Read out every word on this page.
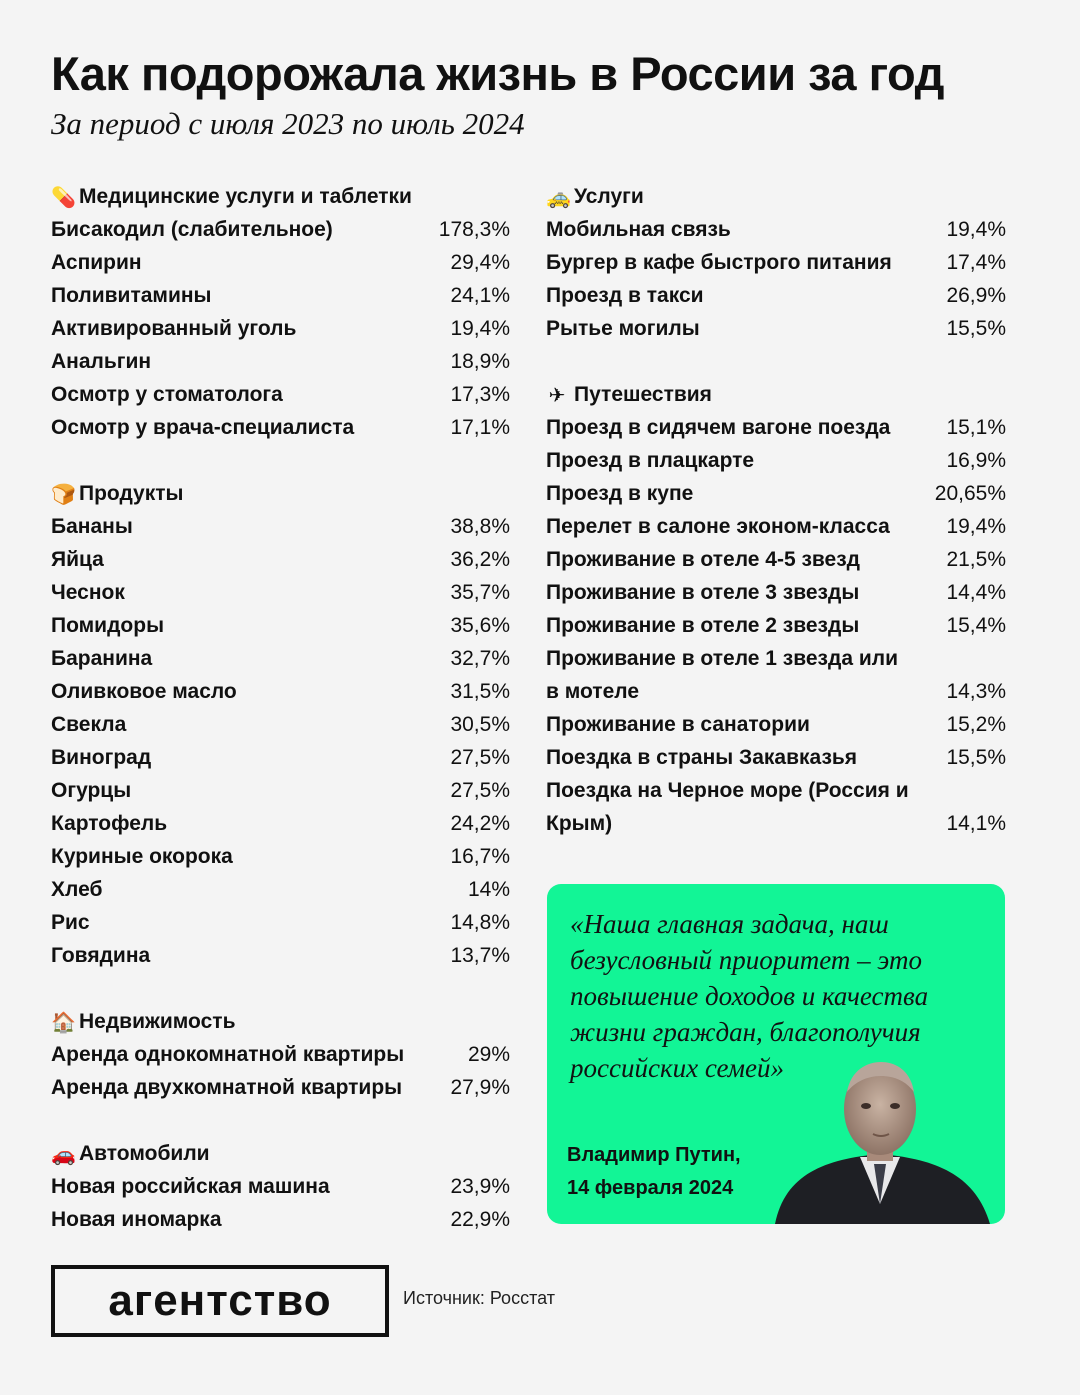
Как подорожала жизнь в России за год
За период с июля 2023 по июль 2024
💊 Медицинские услуги и таблетки
Бисакодил (слабительное)	178,3%
Аспирин	29,4%
Поливитамины	24,1%
Активированный уголь	19,4%
Анальгин	18,9%
Осмотр у стоматолога	17,3%
Осмотр у врача-специалиста	17,1%
🍞 Продукты
Бананы	38,8%
Яйца	36,2%
Чеснок	35,7%
Помидоры	35,6%
Баранина	32,7%
Оливковое масло	31,5%
Свекла	30,5%
Виноград	27,5%
Огурцы	27,5%
Картофель	24,2%
Куриные окорока	16,7%
Хлеб	14%
Рис	14,8%
Говядина	13,7%
🏠 Недвижимость
Аренда однокомнатной квартиры	29%
Аренда двухкомнатной квартиры 27,9%
🚗 Автомобили
Новая российская машина	23,9%
Новая иномарка	22,9%
🚕 Услуги
Мобильная связь	19,4%
Бургер в кафе быстрого питания	17,4%
Проезд в такси	26,9%
Рытье могилы	15,5%
✈ Путешествия
Проезд в сидячем вагоне поезда	15,1%
Проезд в плацкарте	16,9%
Проезд в купе	20,65%
Перелет в салоне эконом-класса	19,4%
Проживание в отеле 4-5 звезд	21,5%
Проживание в отеле 3 звезды	14,4%
Проживание в отеле 2 звезды	15,4%
Проживание в отеле 1 звезда или в мотеле	14,3%
Проживание в санатории	15,2%
Поездка в страны Закавказья	15,5%
Поездка на Черное море (Россия и Крым)	14,1%
«Наша главная задача, наш безусловный приоритет – это повышение доходов и качества жизни граждан, благополучия российских семей»
Владимир Путин, 14 февраля 2024
агентство	Источник: Росстат
